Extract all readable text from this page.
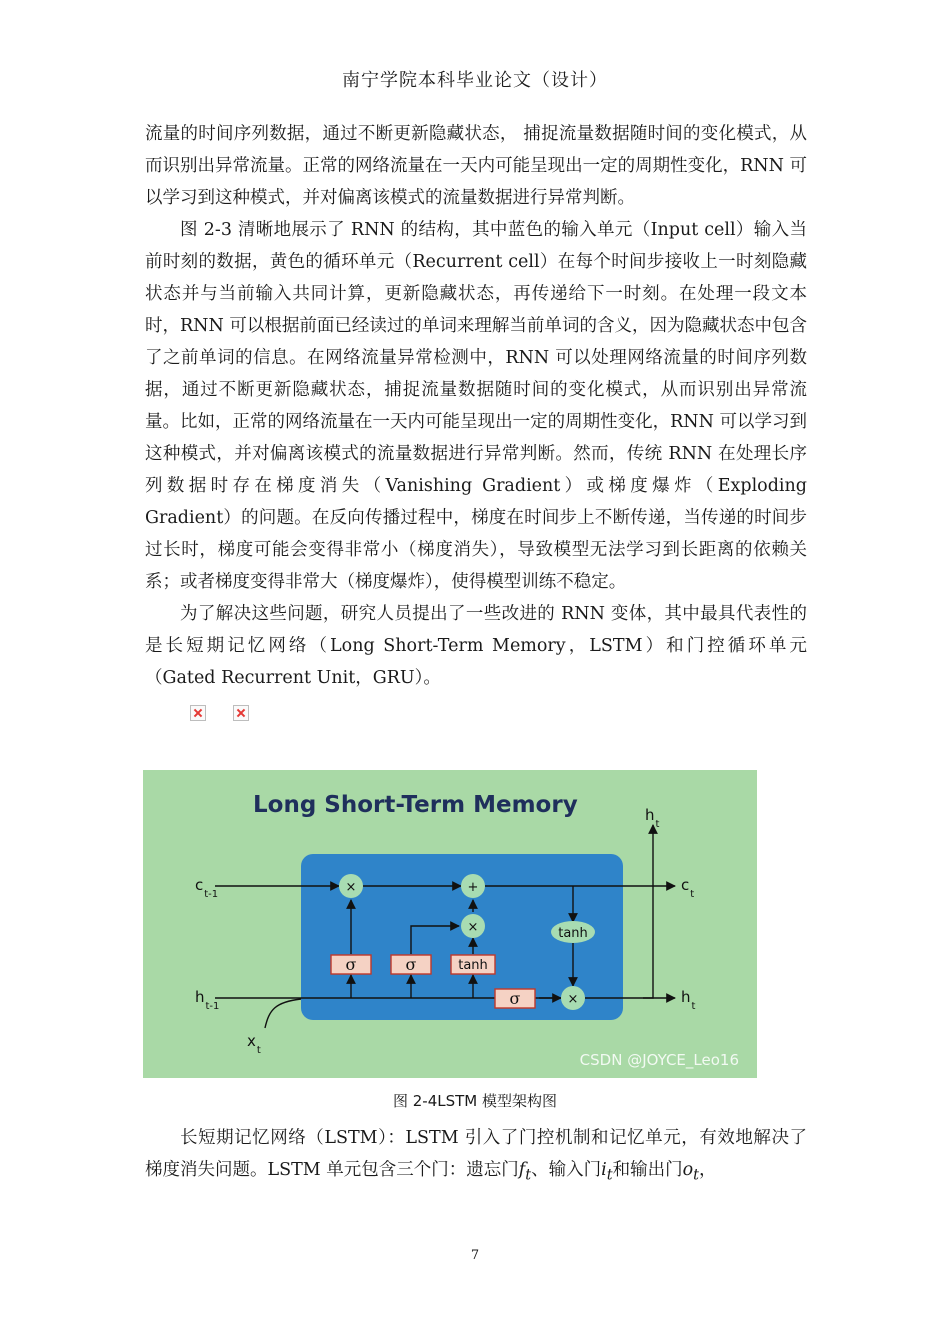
南宁学院本科毕业论文（设计）

流量的时间序列数据，通过不断更新隐藏状态， 捕捉流量数据随时间的变化模式，从而识别出异常流量。正常的网络流量在一天内可能呈现出一定的周期性变化，RNN 可以学习到这种模式，并对偏离该模式的流量数据进行异常判断。

图 2-3 清晰地展示了 RNN 的结构，其中蓝色的输入单元（Input cell）输入当前时刻的数据，黄色的循环单元（Recurrent cell）在每个时间步接收上一时刻隐藏状态并与当前输入共同计算，更新隐藏状态，再传递给下一时刻。在处理一段文本时，RNN 可以根据前面已经读过的单词来理解当前单词的含义，因为隐藏状态中包含了之前单词的信息。在网络流量异常检测中，RNN 可以处理网络流量的时间序列数据，通过不断更新隐藏状态，捕捉流量数据随时间的变化模式，从而识别出异常流量。比如，正常的网络流量在一天内可能呈现出一定的周期性变化，RNN 可以学习到这种模式，并对偏离该模式的流量数据进行异常判断。然而，传统 RNN 在处理长序列数据时存在梯度消失（Vanishing Gradient）或梯度爆炸（Exploding Gradient）的问题。在反向传播过程中，梯度在时间步上不断传递，当传递的时间步过长时，梯度可能会变得非常小（梯度消失），导致模型无法学习到长距离的依赖关系；或者梯度变得非常大（梯度爆炸），使得模型训练不稳定。

为了解决这些问题，研究人员提出了一些改进的 RNN 变体，其中最具代表性的是长短期记忆网络（Long Short-Term Memory，LSTM）和门控循环单元（Gated Recurrent Unit，GRU）。

Long Short-Term Memory
×	+
×
×
tanh
σ	σ	tanh
σ
$c_{t-1}$
$h_{t-1}$
$x_t$
$c_t$
$h_t$
$h_t$
CSDN @JOYCE_Leo16
图 2-4LSTM 模型架构图

长短期记忆网络（LSTM）：LSTM 引入了门控机制和记忆单元，有效地解决了梯度消失问题。LSTM 单元包含三个门：遗忘门$f_t$、输入门$i_t$和输出门$o_t$，

7
